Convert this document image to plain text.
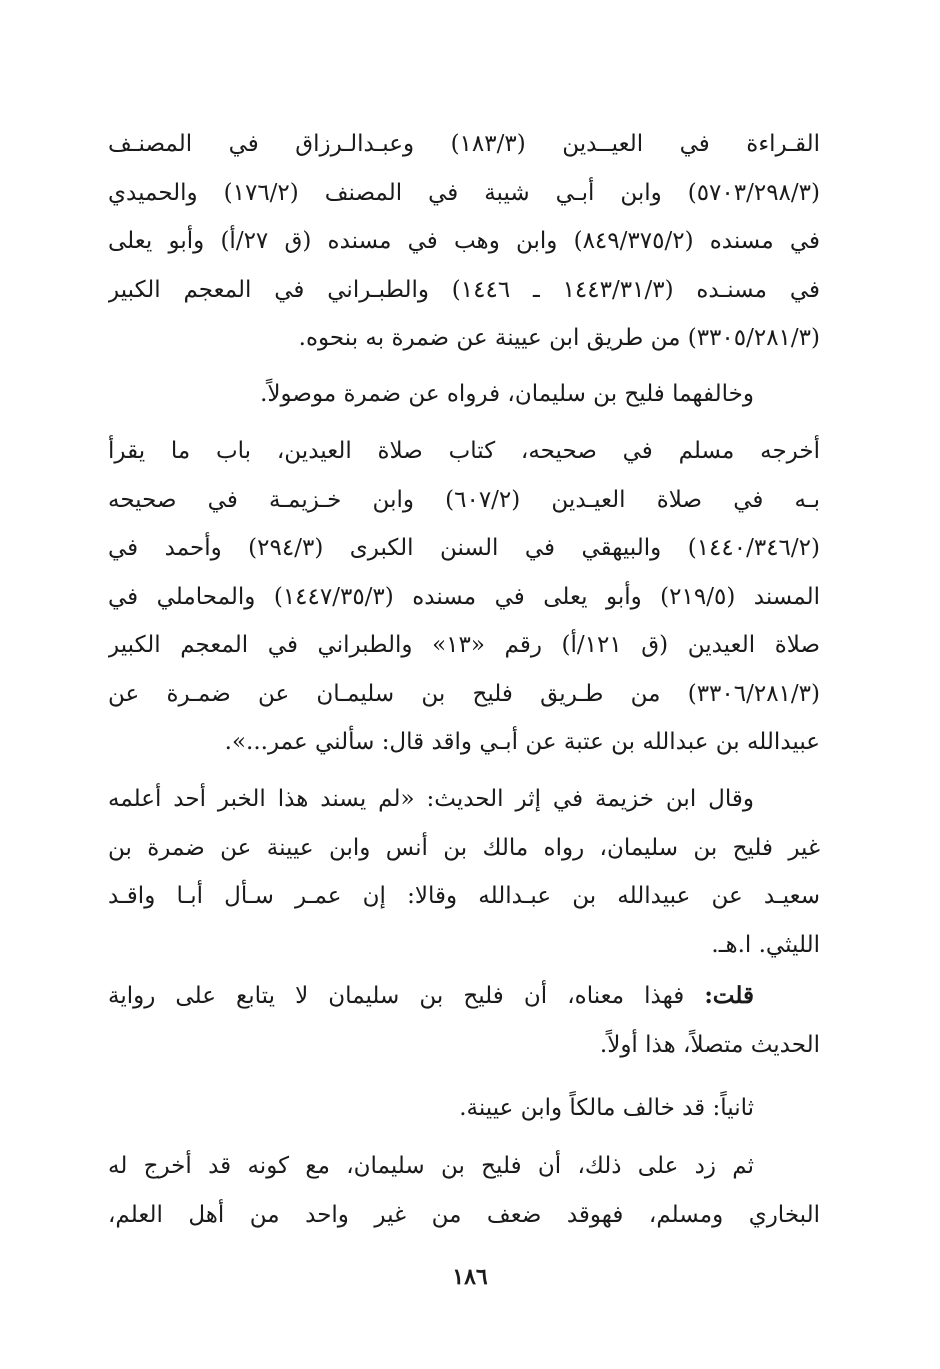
القـراءة في العيــدين (١٨٣/٣) وعبـدالـرزاق في المصنـف
(٥٧٠٣/٢٩٨/٣) وابن أبـي شيبة في المصنف (١٧٦/٢) والحميدي
في مسنده (٨٤٩/٣٧٥/٢) وابن وهب في مسنده (ق ٢٧/أ) وأبو يعلى
في مسنـده (١٤٤٣/٣١/٣ ـ ١٤٤٦) والطبـراني في المعجم الكبير
(٣٣٠٥/٢٨١/٣) من طريق ابن عيينة عن ضمرة به بنحوه.
وخالفهما فليح بن سليمان، فرواه عن ضمرة موصولاً.
أخرجه مسلم في صحيحه، كتاب صلاة العيدين، باب ما يقرأ
بـه في صلاة العيـدين (٦٠٧/٢) وابن خـزيمـة في صحيحه
(١٤٤٠/٣٤٦/٢) والبيهقي في السنن الكبرى (٢٩٤/٣) وأحمد في
المسند (٢١٩/٥) وأبو يعلى في مسنده (١٤٤٧/٣٥/٣) والمحاملي في
صلاة العيدين (ق ١٢١/أ) رقم «١٣» والطبراني في المعجم الكبير
(٣٣٠٦/٢٨١/٣) من طـريق فليح بن سليمـان عن ضمـرة عن
عبيدالله بن عبدالله بن عتبة عن أبـي واقد قال: سألني عمر...».
وقال ابن خزيمة في إثر الحديث: «لم يسند هذا الخبر أحد أعلمه
غير فليح بن سليمان، رواه مالك بن أنس وابن عيينة عن ضمرة بن
سعيـد عن عبيدالله بن عبـدالله وقالا: إن عمـر سـأل أبـا واقـد
الليثي. ا.هـ.
قلت: فهذا معناه، أن فليح بن سليمان لا يتابع على رواية
الحديث متصلاً، هذا أولاً.
ثانياً: قد خالف مالكاً وابن عيينة.
ثم زد على ذلك، أن فليح بن سليمان، مع كونه قد أخرج له
البخاري ومسلم، فهوقد ضعف من غير واحد من أهل العلم،
١٨٦
